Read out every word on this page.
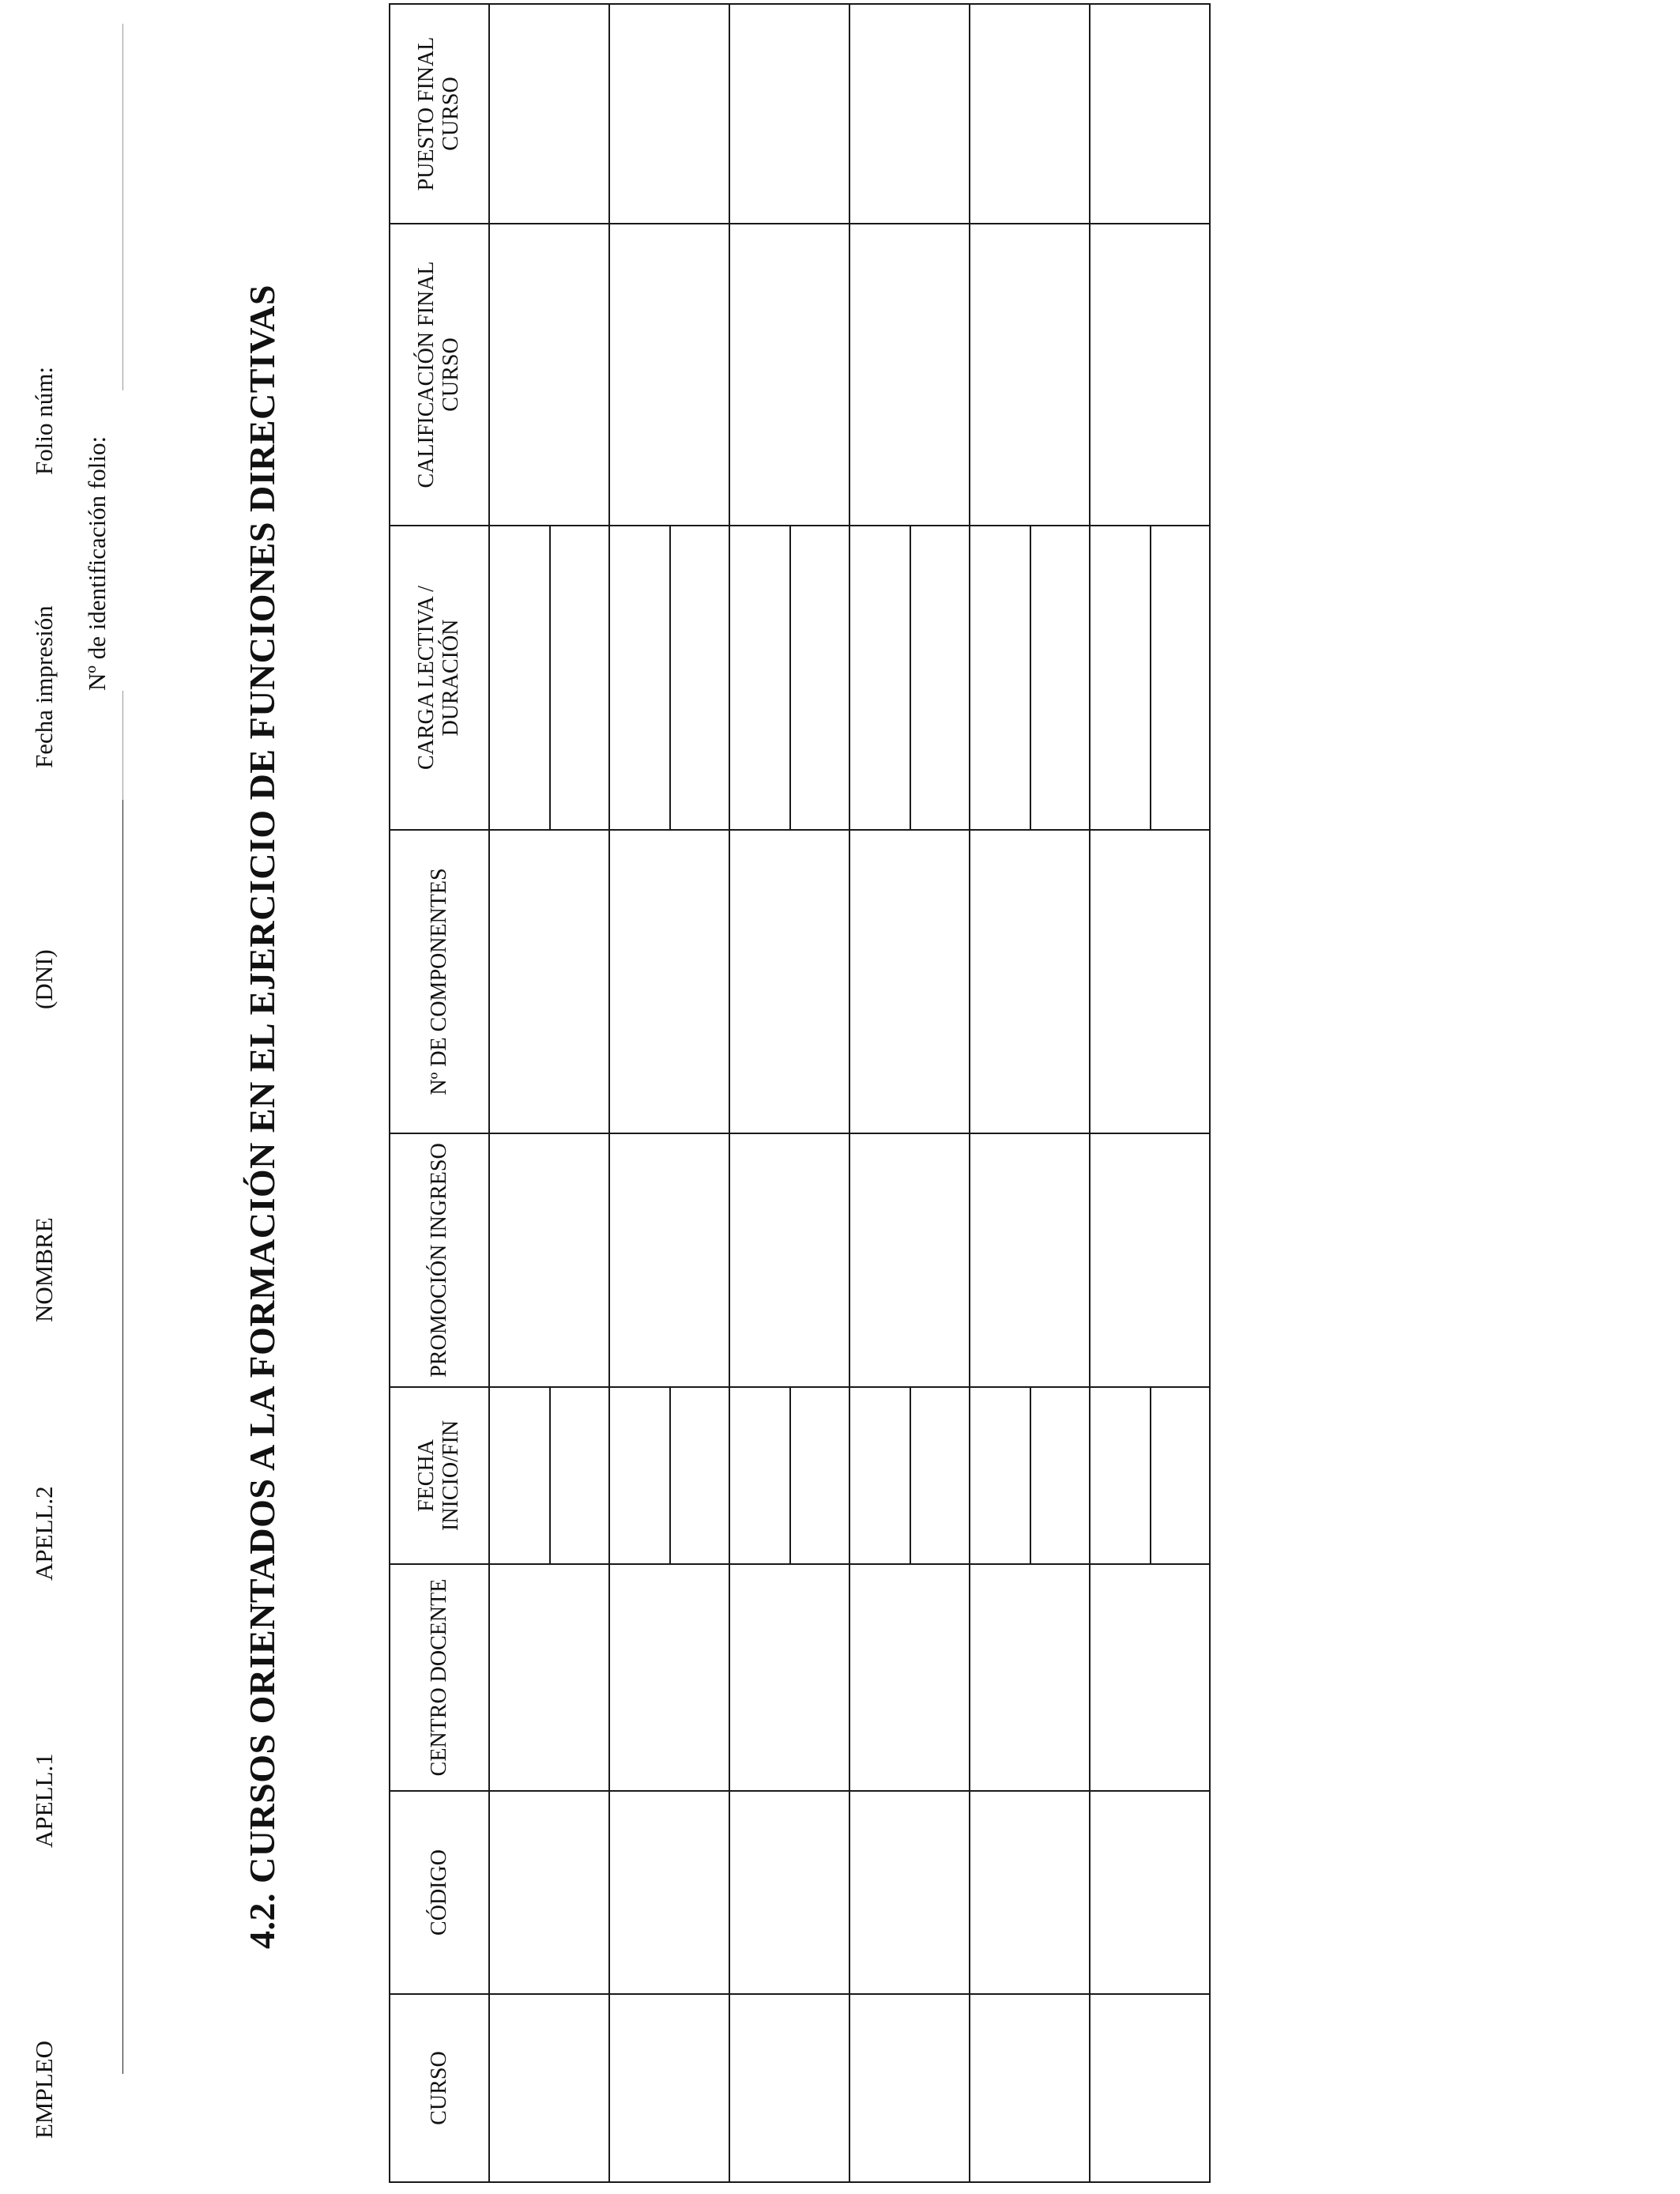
EMPLEO
APELL.1
APELL.2
NOMBRE
(DNI)
Fecha impresión
Folio núm:
Nº de identificación folio:	4.2. CURSOS ORIENTADOS A LA FORMACIÓN EN EL EJERCICIO DE FUNCIONES DIRECTIVAS
CURSO	CÓDIGO	CENTRO DOCENTE	FECHA INICIO/FIN	PROMOCIÓN INGRESO	Nº DE COMPONENTES	CARGA LECTIVA / DURACIÓN	CALIFICACIÓN FINAL CURSO	PUESTO FINAL CURSO
